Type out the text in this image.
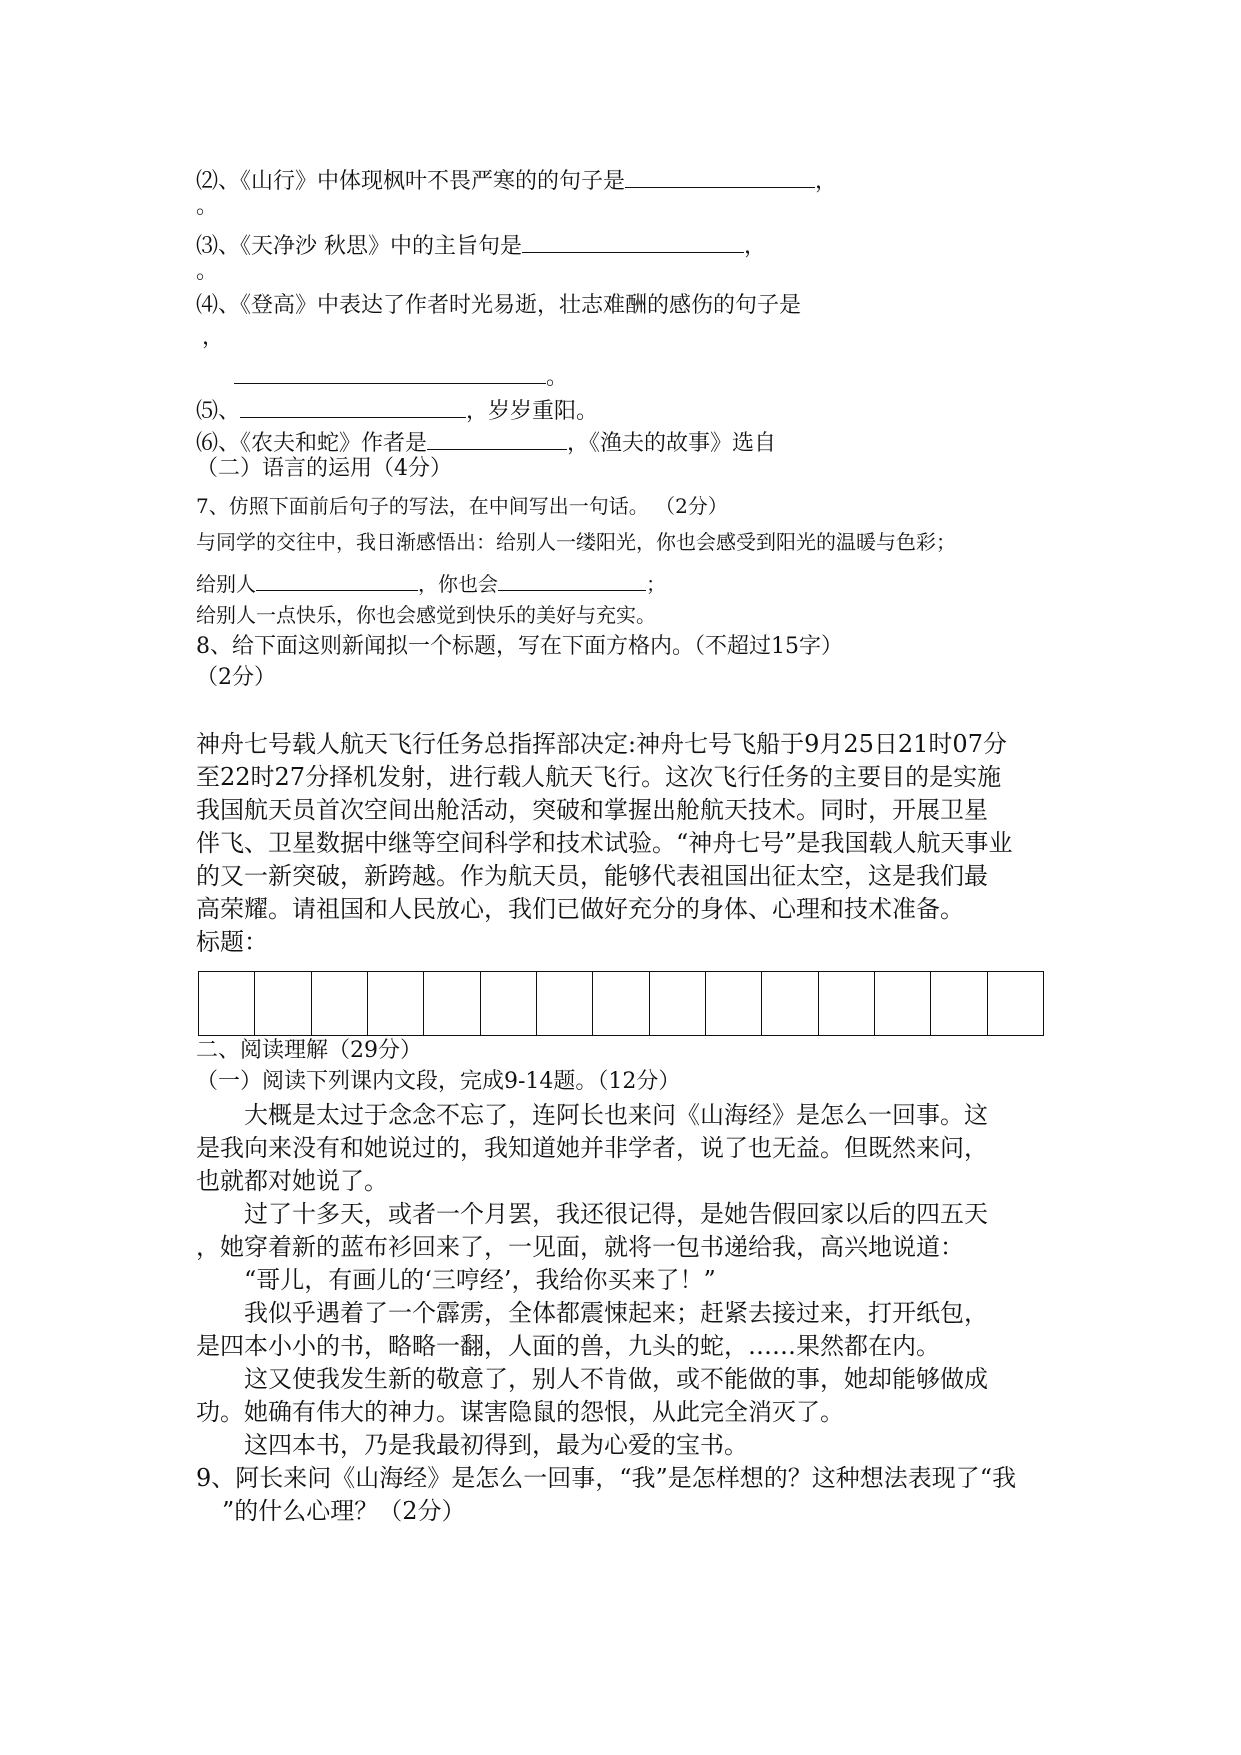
⑵、《山行》中体现枫叶不畏严寒的的句子是	，
。
⑶、《天净沙 秋思》中的主旨句是	，
。
⑷、《登高》中表达了作者时光易逝，壮志难酬的感伤的句子是
，
。
⑸、	，岁岁重阳。
⑹、《农夫和蛇》作者是	，《渔夫的故事》选自
（二）语言的运用（4分）
7、仿照下面前后句子的写法，在中间写出一句话。 （2分）
与同学的交往中，我日渐感悟出：给别人一缕阳光，你也会感受到阳光的温暖与色彩；
给别人	，你也会	；
给别人一点快乐，你也会感觉到快乐的美好与充实。
8、给下面这则新闻拟一个标题，写在下面方格内。（不超过15字）
（2分）
神舟七号载人航天飞行任务总指挥部决定:神舟七号飞船于9月25日21时07分
至22时27分择机发射，进行载人航天飞行。这次飞行任务的主要目的是实施
我国航天员首次空间出舱活动，突破和掌握出舱航天技术。同时，开展卫星
伴飞、卫星数据中继等空间科学和技术试验。“神舟七号”是我国载人航天事业
的又一新突破，新跨越。作为航天员，能够代表祖国出征太空，这是我们最
高荣耀。请祖国和人民放心，我们已做好充分的身体、心理和技术准备。
标题：
二、阅读理解（29分）
（一）阅读下列课内文段，完成9-14题。（12分）
　　大概是太过于念念不忘了，连阿长也来问《山海经》是怎么一回事。这
是我向来没有和她说过的，我知道她并非学者，说了也无益。但既然来问，
也就都对她说了。
　　过了十多天，或者一个月罢，我还很记得，是她告假回家以后的四五天
，她穿着新的蓝布衫回来了，一见面，就将一包书递给我，高兴地说道：
　　“哥儿，有画儿的‘三哼经’，我给你买来了！”
　　我似乎遇着了一个霹雳，全体都震悚起来；赶紧去接过来，打开纸包，
是四本小小的书，略略一翻，人面的兽，九头的蛇，……果然都在内。
　　这又使我发生新的敬意了，别人不肯做，或不能做的事，她却能够做成
功。她确有伟大的神力。谋害隐鼠的怨恨，从此完全消灭了。
　　这四本书，乃是我最初得到，最为心爱的宝书。
9、阿长来问《山海经》是怎么一回事，“我”是怎样想的？这种想法表现了“我
”的什么心理？（2分）
